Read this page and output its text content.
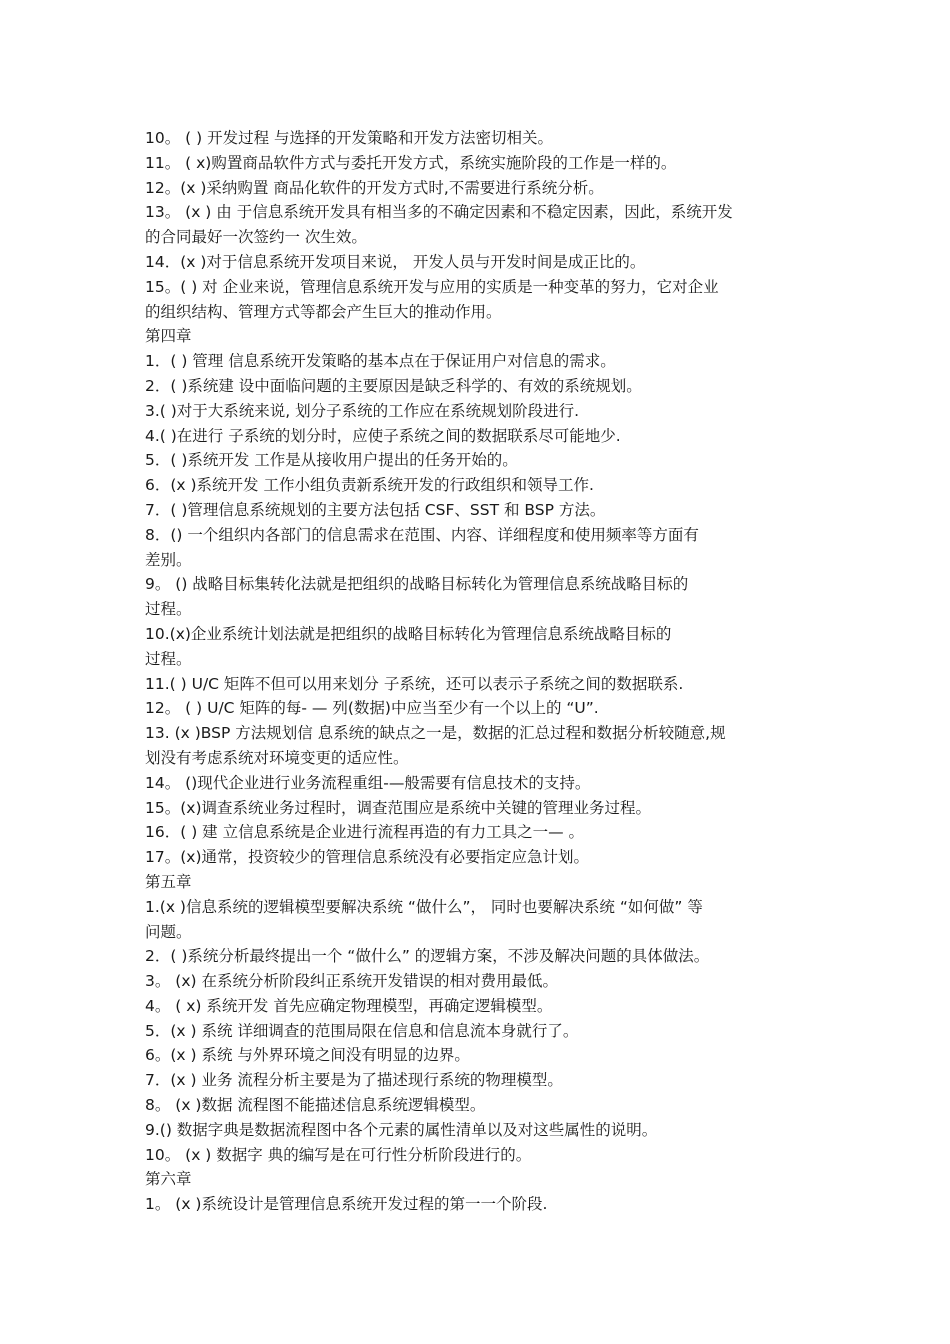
10。 ( ) 开发过程 与选择的开发策略和开发方法密切相关。
11。 ( x)购置商品软件方式与委托开发方式，系统实施阶段的工作是一样的。
12。(x )采纳购置 商品化软件的开发方式时,不需要进行系统分析。
13。 (x ) 由 于信息系统开发具有相当多的不确定因素和不稳定因素，因此，系统开发
的合同最好一次签约一 次生效。
14．(x )对于信息系统开发项目来说， 开发人员与开发时间是成正比的。
15。( ) 对 企业来说，管理信息系统开发与应用的实质是一种变革的努力，它对企业
的组织结构、管理方式等都会产生巨大的推动作用。
第四章
1．( ) 管理 信息系统开发策略的基本点在于保证用户对信息的需求。
2．( )系统建 设中面临问题的主要原因是缺乏科学的、有效的系统规划。
3.( )对于大系统来说, 划分子系统的工作应在系统规划阶段进行.
4.( )在进行 子系统的划分时，应使子系统之间的数据联系尽可能地少.
5．( )系统开发 工作是从接收用户提出的任务开始的。
6．(x )系统开发 工作小组负责新系统开发的行政组织和领导工作.
7．( )管理信息系统规划的主要方法包括 CSF、SST 和 BSP 方法。
8．() 一个组织内各部门的信息需求在范围、内容、详细程度和使用频率等方面有
差别。
9。 () 战略目标集转化法就是把组织的战略目标转化为管理信息系统战略目标的
过程。
10.(x)企业系统计划法就是把组织的战略目标转化为管理信息系统战略目标的
过程。
11.( ) U/C 矩阵不但可以用来划分 子系统，还可以表示子系统之间的数据联系.
12。 ( ) U/C 矩阵的每- — 列(数据)中应当至少有一个以上的 “U”.
13. (x )BSP 方法规划信 息系统的缺点之一是，数据的汇总过程和数据分析较随意,规
划没有考虑系统对环境变更的适应性。
14。 ()现代企业进行业务流程重组-—般需要有信息技术的支持。
15。(x)调查系统业务过程时，调查范围应是系统中关键的管理业务过程。
16．( ) 建 立信息系统是企业进行流程再造的有力工具之一— 。
17。(x)通常，投资较少的管理信息系统没有必要指定应急计划。
第五章
1.(x )信息系统的逻辑模型要解决系统 “做什么”， 同时也要解决系统 “如何做” 等
问题。
2．( )系统分析最终提出一个 “做什么” 的逻辑方案，不涉及解决问题的具体做法。
3。 (x) 在系统分析阶段纠正系统开发错误的相对费用最低。
4。 ( x) 系统开发 首先应确定物理模型，再确定逻辑模型。
5．(x ) 系统 详细调查的范围局限在信息和信息流本身就行了。
6。(x ) 系统 与外界环境之间没有明显的边界。
7．(x ) 业务 流程分析主要是为了描述现行系统的物理模型。
8。 (x )数据 流程图不能描述信息系统逻辑模型。
9.() 数据字典是数据流程图中各个元素的属性清单以及对这些属性的说明。
10。 (x ) 数据字 典的编写是在可行性分析阶段进行的。
第六章
1。 (x )系统设计是管理信息系统开发过程的第一一个阶段.
